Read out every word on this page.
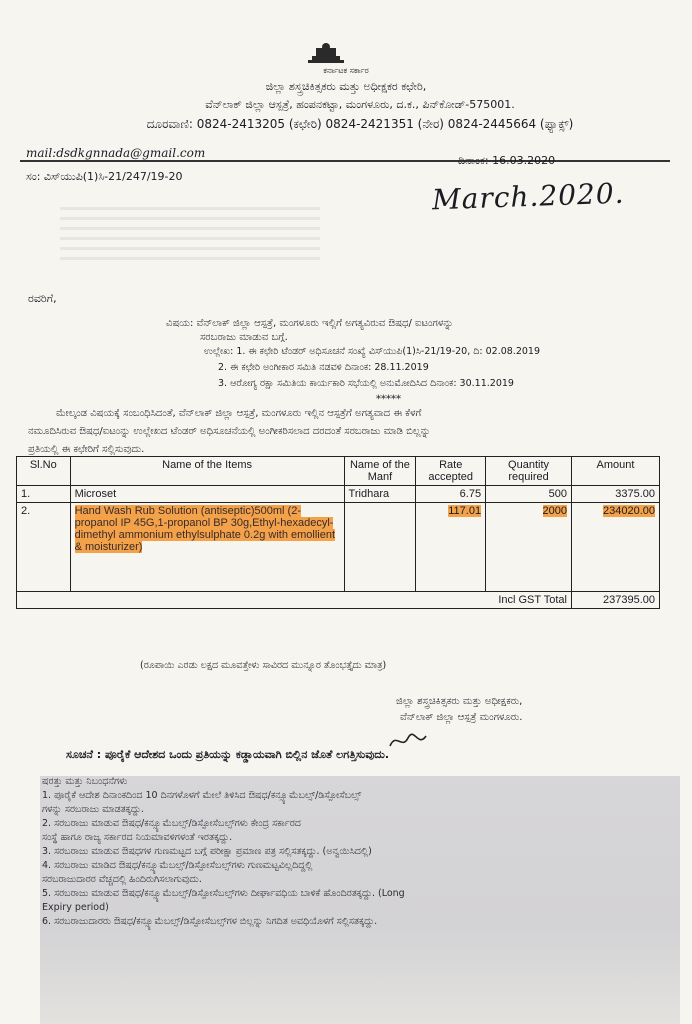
ಕರ್ನಾಟಕ ಸರ್ಕಾರ
ಜಿಲ್ಲಾ ಶಸ್ತ್ರಚಿಕಿತ್ಸಕರು ಮತ್ತು ಅಧೀಕ್ಷಕರ ಕಛೇರಿ,
ವೆನ್‌ಲಾಕ್ ಜಿಲ್ಲಾ ಆಸ್ಪತ್ರೆ, ಹಂಪನಕಟ್ಟಾ, ಮಂಗಳೂರು, ದ.ಕ., ಪಿನ್‌ಕೋಡ್-575001.
ದೂರವಾಣಿ: 0824-2413205 (ಕಛೇರಿ) 0824-2421351 (ನೇರ) 0824-2445664 (ಫ್ಯಾಕ್ಸ್)
mail:dsdkgnnada@gmail.com
ದಿನಾಂಕ: 16.03.2020
ಸಂ: ವಿಸ್‌ಯುಪಿ(1)ಸಿ-21/247/19-20
March.2020.
ರವರಿಗೆ,
ವಿಷಯ: ವೆನ್‌ಲಾಕ್ ಜಿಲ್ಲಾ ಆಸ್ಪತ್ರೆ, ಮಂಗಳೂರು ಇಲ್ಲಿಗೆ ಅಗತ್ಯವಿರುವ ಔಷಧ/ ಐಟಂಗಳನ್ನು
ಸರಬರಾಜು ಮಾಡುವ ಬಗ್ಗೆ.
ಉಲ್ಲೇಖ: 1. ಈ ಕಛೇರಿ ಟೆಂಡರ್ ಅಧಿಸೂಚನೆ ಸಂಖ್ಯೆ ವಿಸ್‌ಯುಪಿ(1)ಸಿ-21/19-20, ದಿ: 02.08.2019
2. ಈ ಕಛೇರಿ ಅಂಗೀಕಾರ ಸಮಿತಿ ನಡವಳಿ ದಿನಾಂಕ: 28.11.2019
3. ಆರೋಗ್ಯ ರಕ್ಷಾ ಸಮಿತಿಯ ಕಾರ್ಯಕಾರಿ ಸಭೆಯಲ್ಲಿ ಅನುಮೋದಿಸಿದ ದಿನಾಂಕ: 30.11.2019
*****
ಮೇಲ್ಕಂಡ ವಿಷಯಕ್ಕೆ ಸಂಬಂಧಿಸಿದಂತೆ, ವೆನ್‌ಲಾಕ್ ಜಿಲ್ಲಾ ಆಸ್ಪತ್ರೆ, ಮಂಗಳೂರು ಇಲ್ಲಿನ ಆಸ್ಪತ್ರೆಗೆ ಅಗತ್ಯವಾದ ಈ ಕೆಳಗೆ
ನಮೂದಿಸಿರುವ ಔಷಧ/ಐಟಂನ್ನು ಉಲ್ಲೇಖದ ಟೆಂಡರ್ ಅಧಿಸೂಚನೆಯಲ್ಲಿ ಅಂಗೀಕರಿಸಲಾದ ದರದಂತೆ ಸರಬರಾಜು ಮಾಡಿ ಬಿಲ್ಲನ್ನು
ಪ್ರತಿಯಲ್ಲಿ ಈ ಕಛೇರಿಗೆ ಸಲ್ಲಿಸುವುದು.
Sl.No	Name of the Items	Name of the Manf	Rate accepted	Quantity required	Amount
1.	Microset	Tridhara	6.75	500	3375.00
2.	Hand Wash Rub Solution (antiseptic)500ml (2-propanol IP 45G,1-propanol BP 30g,Ethyl-hexadecyl-dimethyl ammonium ethylsulphate 0.2g with emollient & moisturizer)		117.01	2000	234020.00
Incl GST Total					237395.00
(ರೂಪಾಯಿ ಎರಡು ಲಕ್ಷದ ಮೂವತ್ತೇಳು ಸಾವಿರದ ಮುನ್ನೂರ ತೊಂಭತ್ತೈದು ಮಾತ್ರ)
ಜಿಲ್ಲಾ ಶಸ್ತ್ರಚಿಕಿತ್ಸಕರು ಮತ್ತು ಅಧೀಕ್ಷಕರು,
ವೆನ್‌ಲಾಕ್ ಜಿಲ್ಲಾ ಆಸ್ಪತ್ರೆ ಮಂಗಳೂರು.
ಸೂಚನೆ : ಪೂರೈಕೆ ಆದೇಶದ ಒಂದು ಪ್ರತಿಯನ್ನು ಕಡ್ಡಾಯವಾಗಿ ಬಿಲ್ಲಿನ ಜೊತೆ ಲಗತ್ತಿಸುವುದು.
ಷರತ್ತು ಮತ್ತು ನಿಬಂಧನೆಗಳು
1. ಪೂರೈಕೆ ಆದೇಶ ದಿನಾಂಕದಿಂದ 10 ದಿನಗಳೊಳಗೆ ಮೇಲೆ ತಿಳಿಸಿದ ಔಷಧ/ಕನ್ಸ್ಯೂಮೆಬಲ್ಸ್/ಡಿಸ್ಪೋಸೆಬಲ್ಸ್
ಗಳನ್ನು ಸರಬರಾಜು ಮಾಡತಕ್ಕದ್ದು.
2. ಸರಬರಾಜು ಮಾಡುವ ಔಷಧ/ಕನ್ಸ್ಯೂಮೆಬಲ್ಸ್/ಡಿಸ್ಪೋಸೆಬಲ್ಸ್‌ಗಳು ಕೇಂದ್ರ ಸರ್ಕಾರದ
ಸಂಸ್ಥೆ ಹಾಗೂ ರಾಜ್ಯ ಸರ್ಕಾರದ ನಿಯಮಾವಳಿಗಳಂತೆ ಇರತಕ್ಕದ್ದು.
3. ಸರಬರಾಜು ಮಾಡುವ ಔಷಧಗಳ ಗುಣಮಟ್ಟದ ಬಗ್ಗೆ ಪರೀಕ್ಷಾ ಪ್ರಮಾಣ ಪತ್ರ ಸಲ್ಲಿಸತಕ್ಕದ್ದು. (ಅನ್ವಯಿಸಿದಲ್ಲಿ)
4. ಸರಬರಾಜು ಮಾಡಿದ ಔಷಧ/ಕನ್ಸ್ಯೂಮೆಬಲ್ಸ್/ಡಿಸ್ಪೋಸೆಬಲ್ಸ್‌ಗಳು ಗುಣಮಟ್ಟವಿಲ್ಲದಿದ್ದಲ್ಲಿ
ಸರಬರಾಜುದಾರರ ವೆಚ್ಚದಲ್ಲಿ ಹಿಂದಿರುಗಿಸಲಾಗುವುದು.
5. ಸರಬರಾಜು ಮಾಡುವ ಔಷಧ/ಕನ್ಸ್ಯೂಮೆಬಲ್ಸ್/ಡಿಸ್ಪೋಸೆಬಲ್ಸ್‌ಗಳು ದೀರ್ಘಾವಧಿಯ ಬಾಳಿಕೆ ಹೊಂದಿರತಕ್ಕದ್ದು. (Long
Expiry period)
6. ಸರಬರಾಜುದಾರರು ಔಷಧ/ಕನ್ಸ್ಯೂಮೆಬಲ್ಸ್/ಡಿಸ್ಪೋಸೆಬಲ್ಸ್‌ಗಳ ಬಿಲ್ಲನ್ನು ನಿಗದಿತ ಅವಧಿಯೊಳಗೆ ಸಲ್ಲಿಸತಕ್ಕದ್ದು.
